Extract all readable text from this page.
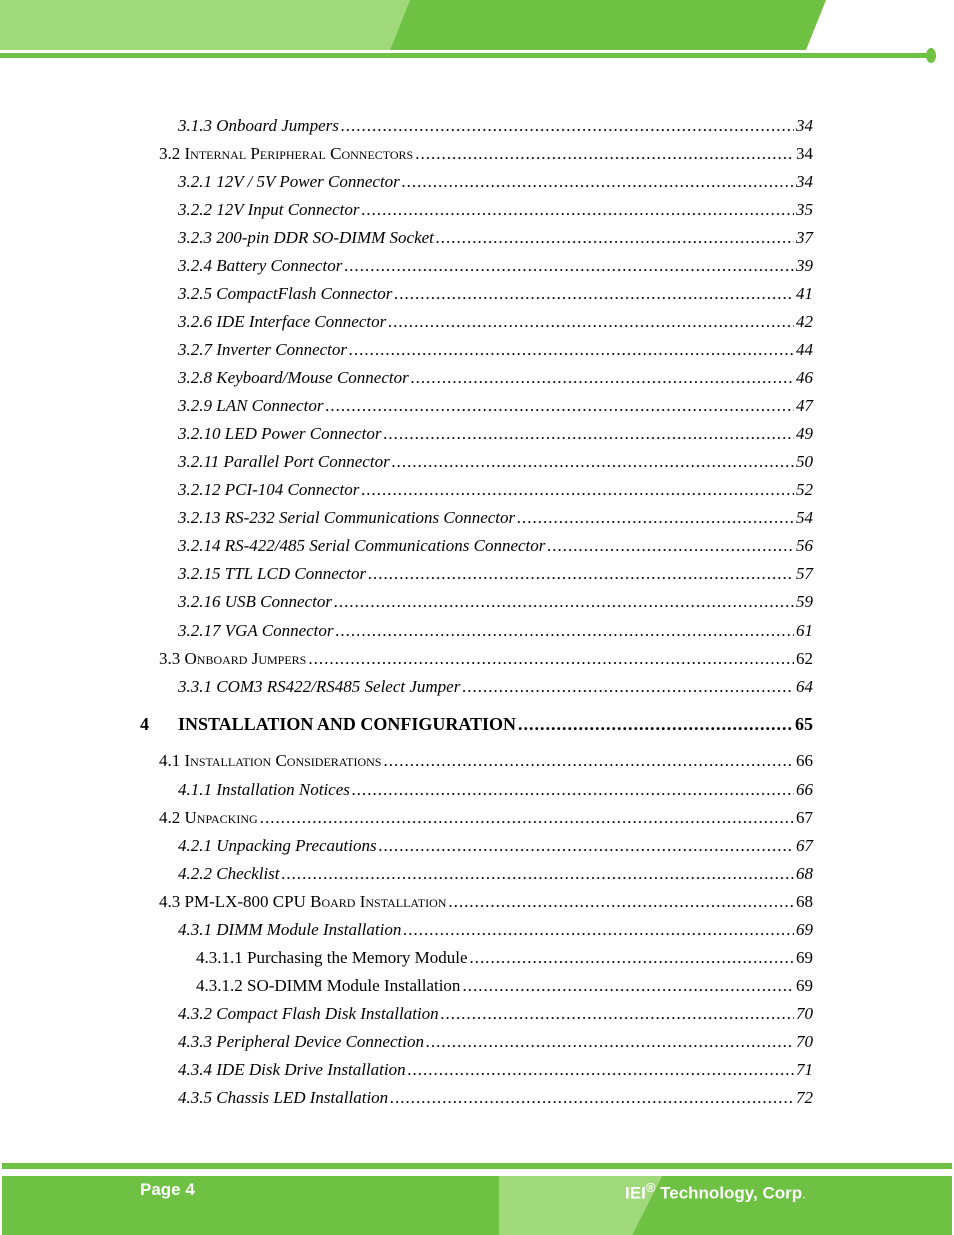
3.1.3 Onboard Jumpers .....	34
3.2 Internal Peripheral Connectors .....	34
3.2.1 12V / 5V Power Connector .....	34
3.2.2 12V Input Connector .....	35
3.2.3 200-pin DDR SO-DIMM Socket .....	37
3.2.4 Battery Connector .....	39
3.2.5 CompactFlash Connector .....	41
3.2.6 IDE Interface Connector .....	42
3.2.7 Inverter Connector .....	44
3.2.8 Keyboard/Mouse Connector .....	46
3.2.9 LAN Connector .....	47
3.2.10 LED Power Connector .....	49
3.2.11 Parallel Port Connector .....	50
3.2.12 PCI-104 Connector .....	52
3.2.13 RS-232 Serial Communications Connector .....	54
3.2.14 RS-422/485 Serial Communications Connector .....	56
3.2.15 TTL LCD Connector .....	57
3.2.16 USB Connector .....	59
3.2.17 VGA Connector .....	61
3.3 Onboard Jumpers .....	62
3.3.1 COM3 RS422/RS485 Select Jumper .....	64
4 INSTALLATION AND CONFIGURATION .....	65
4.1 Installation Considerations .....	66
4.1.1 Installation Notices .....	66
4.2 Unpacking .....	67
4.2.1 Unpacking Precautions .....	67
4.2.2 Checklist .....	68
4.3 PM-LX-800 CPU Board Installation .....	68
4.3.1 DIMM Module Installation .....	69
4.3.1.1 Purchasing the Memory Module .....	69
4.3.1.2 SO-DIMM Module Installation .....	69
4.3.2 Compact Flash Disk Installation .....	70
4.3.3 Peripheral Device Connection .....	70
4.3.4 IDE Disk Drive Installation .....	71
4.3.5 Chassis LED Installation .....	72
Page 4	IEI® Technology, Corp.
